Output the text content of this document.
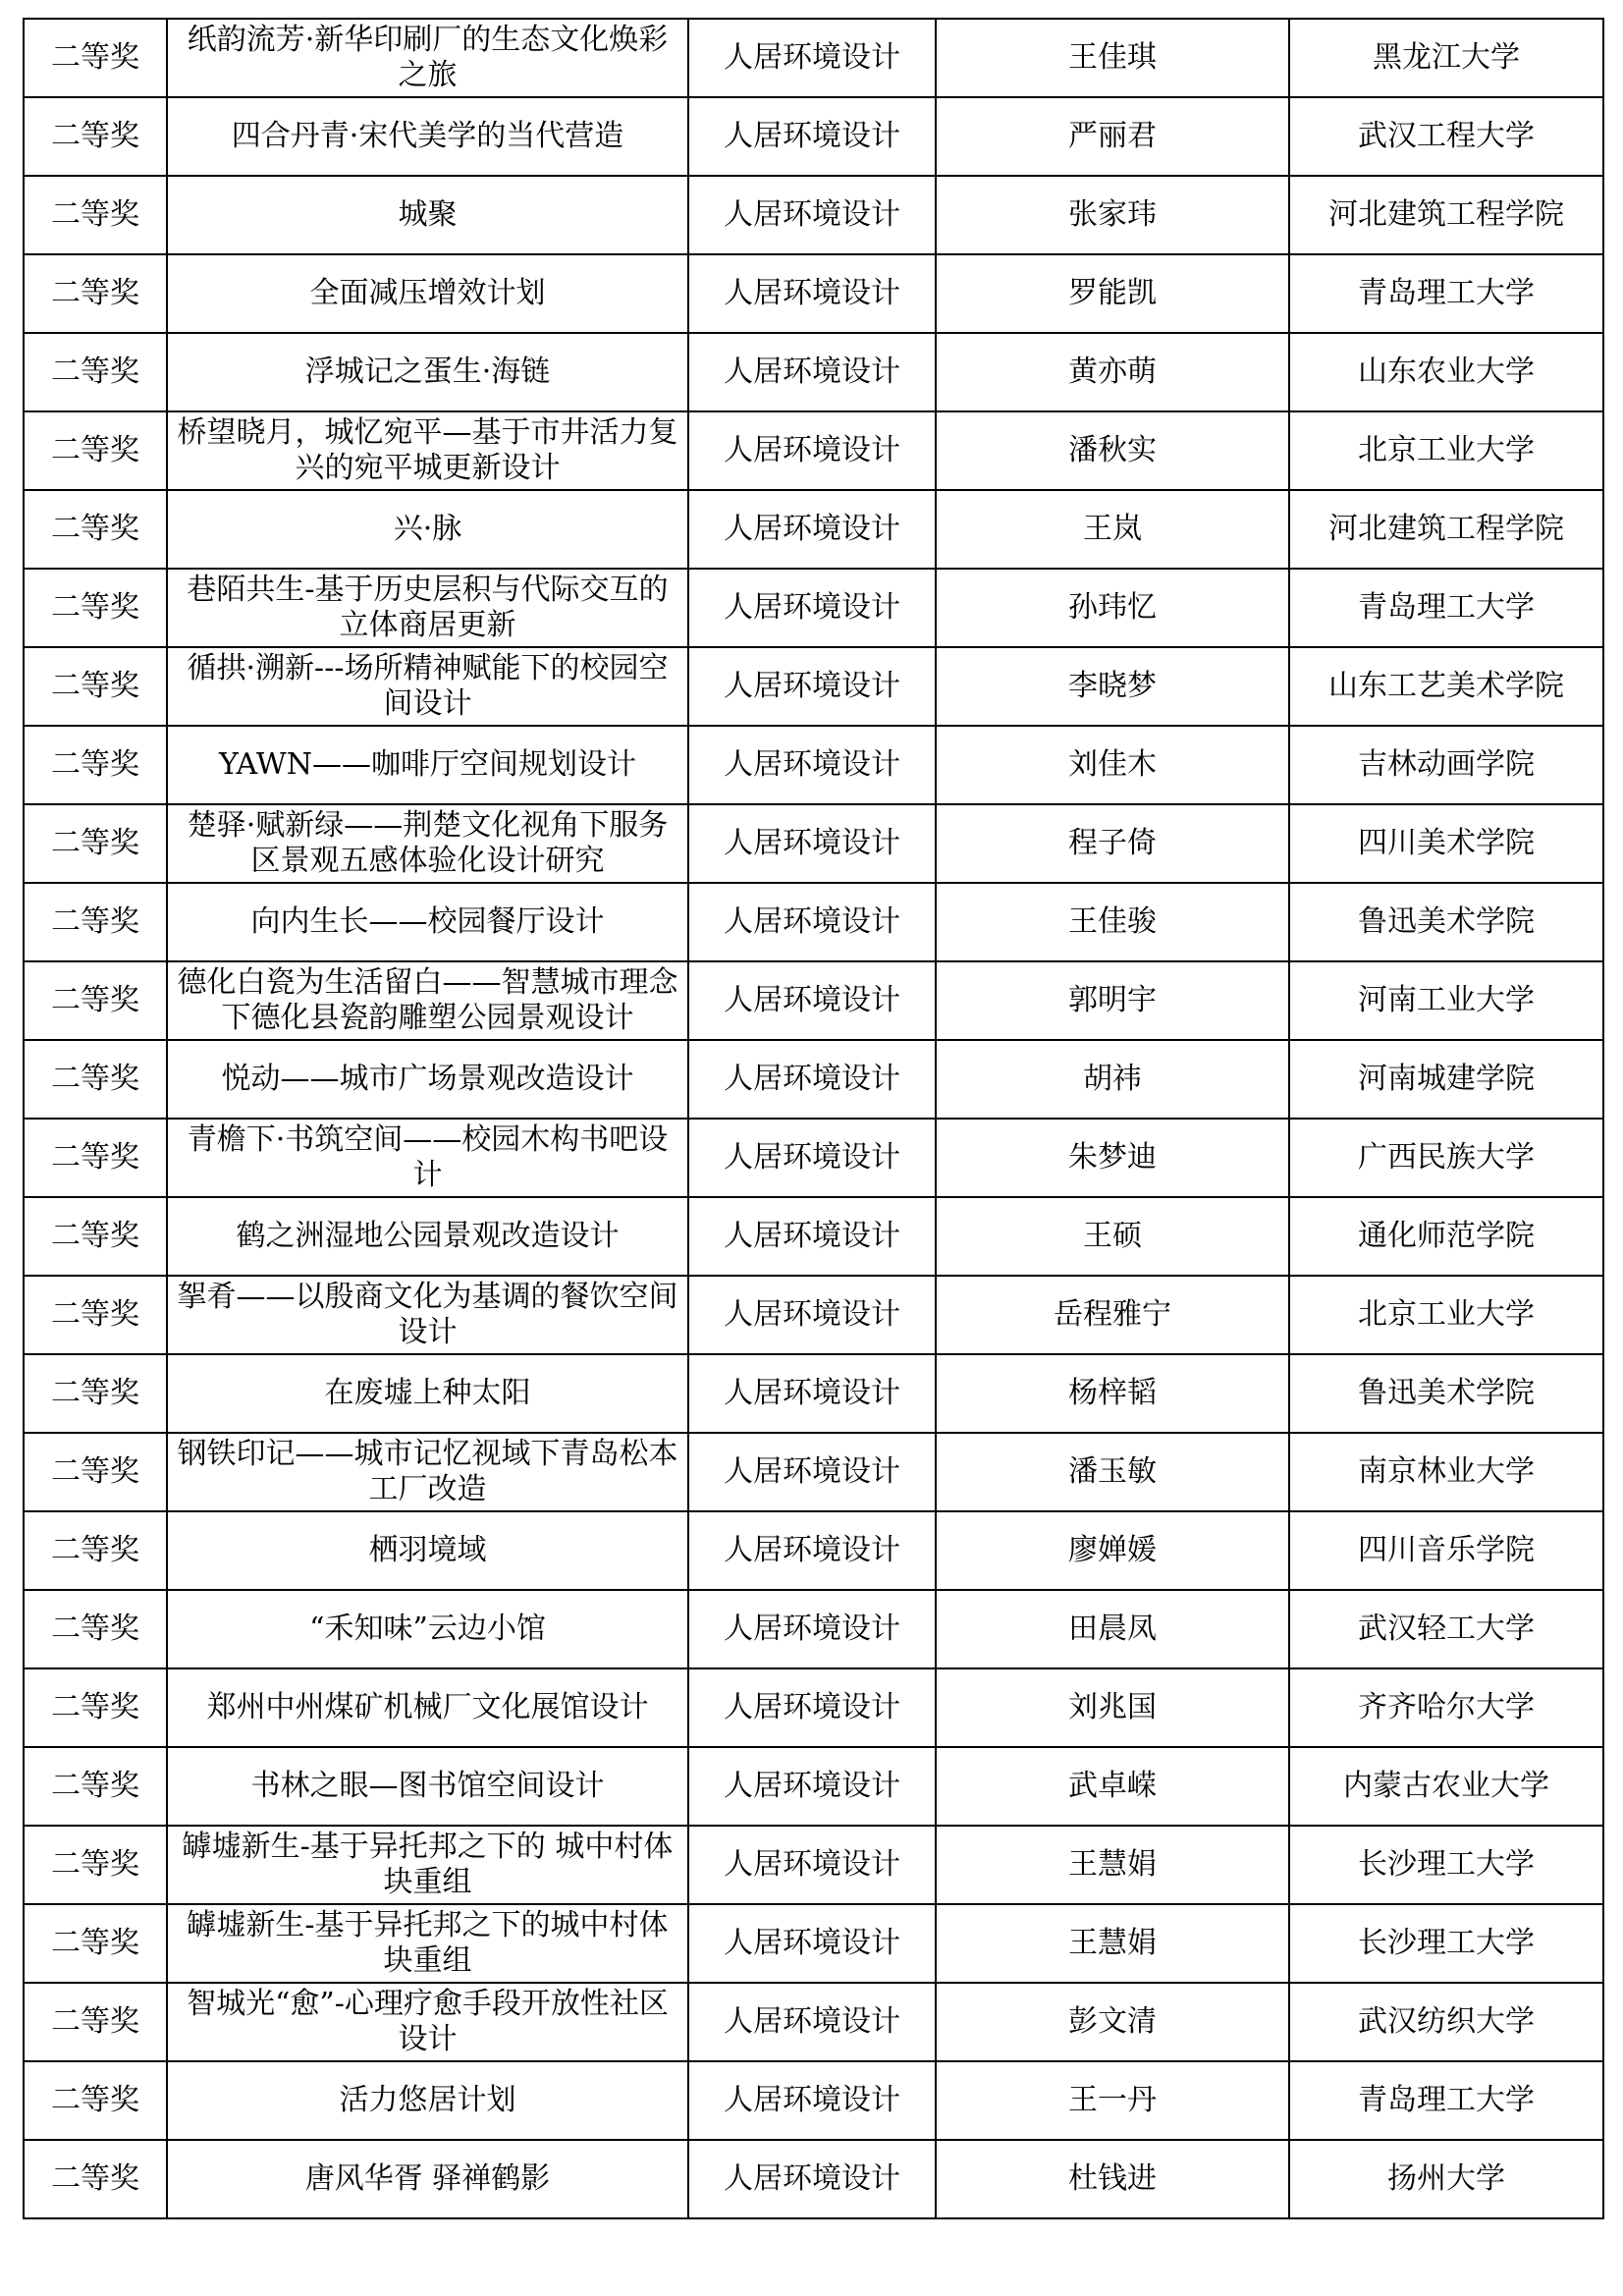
二等奖	纸韵流芳·新华印刷厂的生态文化焕彩之旅	人居环境设计	王佳琪	黑龙江大学
二等奖	四合丹青·宋代美学的当代营造	人居环境设计	严丽君	武汉工程大学
二等奖	城聚	人居环境设计	张家玮	河北建筑工程学院
二等奖	全面减压增效计划	人居环境设计	罗能凯	青岛理工大学
二等奖	浮城记之蛋生·海链	人居环境设计	黄亦萌	山东农业大学
二等奖	桥望晓月，城忆宛平—基于市井活力复兴的宛平城更新设计	人居环境设计	潘秋实	北京工业大学
二等奖	兴·脉	人居环境设计	王岚	河北建筑工程学院
二等奖	巷陌共生-基于历史层积与代际交互的立体商居更新	人居环境设计	孙玮忆	青岛理工大学
二等奖	循拱·溯新---场所精神赋能下的校园空间设计	人居环境设计	李晓梦	山东工艺美术学院
二等奖	YAWN——咖啡厅空间规划设计	人居环境设计	刘佳木	吉林动画学院
二等奖	楚驿·赋新绿——荆楚文化视角下服务区景观五感体验化设计研究	人居环境设计	程子倚	四川美术学院
二等奖	向内生长——校园餐厅设计	人居环境设计	王佳骏	鲁迅美术学院
二等奖	德化白瓷为生活留白——智慧城市理念下德化县瓷韵雕塑公园景观设计	人居环境设计	郭明宇	河南工业大学
二等奖	悦动——城市广场景观改造设计	人居环境设计	胡祎	河南城建学院
二等奖	青檐下·书筑空间——校园木构书吧设计	人居环境设计	朱梦迪	广西民族大学
二等奖	鹤之洲湿地公园景观改造设计	人居环境设计	王硕	通化师范学院
二等奖	挐肴——以殷商文化为基调的餐饮空间设计	人居环境设计	岳程雅宁	北京工业大学
二等奖	在废墟上种太阳	人居环境设计	杨梓韬	鲁迅美术学院
二等奖	钢铁印记——城市记忆视域下青岛松本工厂改造	人居环境设计	潘玉敏	南京林业大学
二等奖	栖羽境域	人居环境设计	廖婵媛	四川音乐学院
二等奖	“禾知味”云边小馆	人居环境设计	田晨凤	武汉轻工大学
二等奖	郑州中州煤矿机械厂文化展馆设计	人居环境设计	刘兆国	齐齐哈尔大学
二等奖	书林之眼—图书馆空间设计	人居环境设计	武卓嵘	内蒙古农业大学
二等奖	罅墟新生-基于异托邦之下的 城中村体块重组	人居环境设计	王慧娟	长沙理工大学
二等奖	罅墟新生-基于异托邦之下的城中村体块重组	人居环境设计	王慧娟	长沙理工大学
二等奖	智城光“愈”-心理疗愈手段开放性社区设计	人居环境设计	彭文清	武汉纺织大学
二等奖	活力悠居计划	人居环境设计	王一丹	青岛理工大学
二等奖	唐风华胥 驿禅鹤影	人居环境设计	杜钱进	扬州大学
